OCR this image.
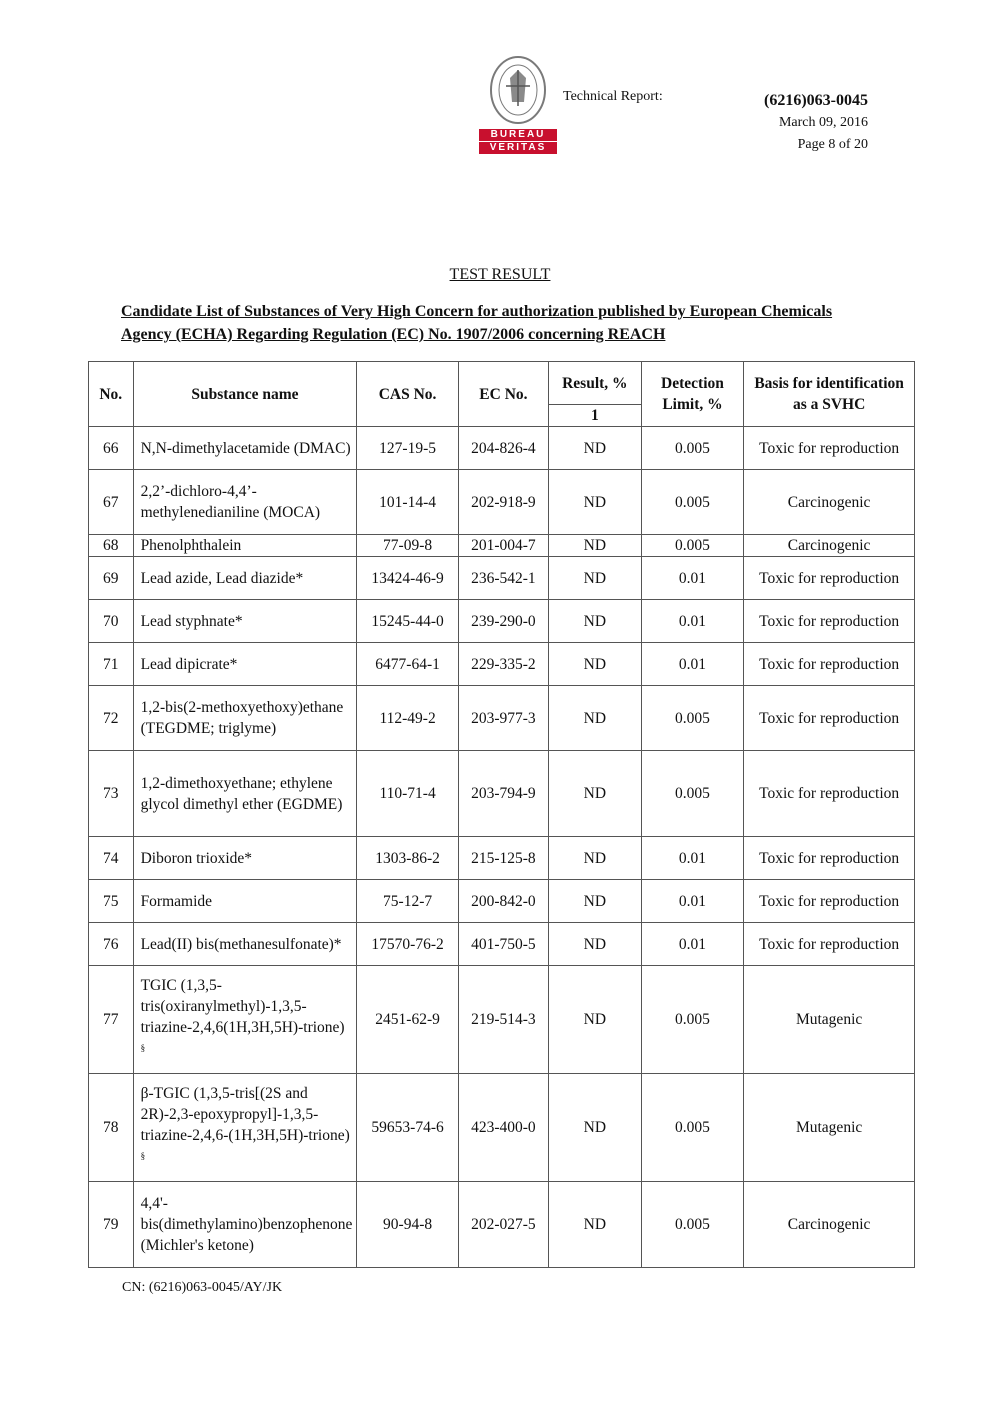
BUREAU
VERITAS
Technical Report:	(6216)063-0045
March 09, 2016
Page 8 of 20
TEST RESULT
Candidate List of Substances of Very High Concern for authorization published by European Chemicals Agency (ECHA) Regarding Regulation (EC) No. 1907/2006 concerning REACH
No.	Substance name	CAS No.	EC No.	Result, %	Detection Limit, %	Basis for identification as a SVHC
				1		
66	N,N-dimethylacetamide (DMAC)	127-19-5	204-826-4	ND	0.005	Toxic for reproduction
67	2,2’-dichloro-4,4’-methylenedianiline (MOCA)	101-14-4	202-918-9	ND	0.005	Carcinogenic
68	Phenolphthalein	77-09-8	201-004-7	ND	0.005	Carcinogenic
69	Lead azide, Lead diazide*	13424-46-9	236-542-1	ND	0.01	Toxic for reproduction
70	Lead styphnate*	15245-44-0	239-290-0	ND	0.01	Toxic for reproduction
71	Lead dipicrate*	6477-64-1	229-335-2	ND	0.01	Toxic for reproduction
72	1,2-bis(2-methoxyethoxy)ethane (TEGDME; triglyme)	112-49-2	203-977-3	ND	0.005	Toxic for reproduction
73	1,2-dimethoxyethane; ethylene glycol dimethyl ether (EGDME)	110-71-4	203-794-9	ND	0.005	Toxic for reproduction
74	Diboron trioxide*	1303-86-2	215-125-8	ND	0.01	Toxic for reproduction
75	Formamide	75-12-7	200-842-0	ND	0.01	Toxic for reproduction
76	Lead(II) bis(methanesulfonate)*	17570-76-2	401-750-5	ND	0.01	Toxic for reproduction
77	TGIC (1,3,5-tris(oxiranylmethyl)-1,3,5-triazine-2,4,6(1H,3H,5H)-trione) §	2451-62-9	219-514-3	ND	0.005	Mutagenic
78	β-TGIC (1,3,5-tris[(2S and 2R)-2,3-epoxypropyl]-1,3,5-triazine-2,4,6-(1H,3H,5H)-trione) §	59653-74-6	423-400-0	ND	0.005	Mutagenic
79	4,4'-bis(dimethylamino)benzophenone (Michler's ketone)	90-94-8	202-027-5	ND	0.005	Carcinogenic
CN: (6216)063-0045/AY/JK
